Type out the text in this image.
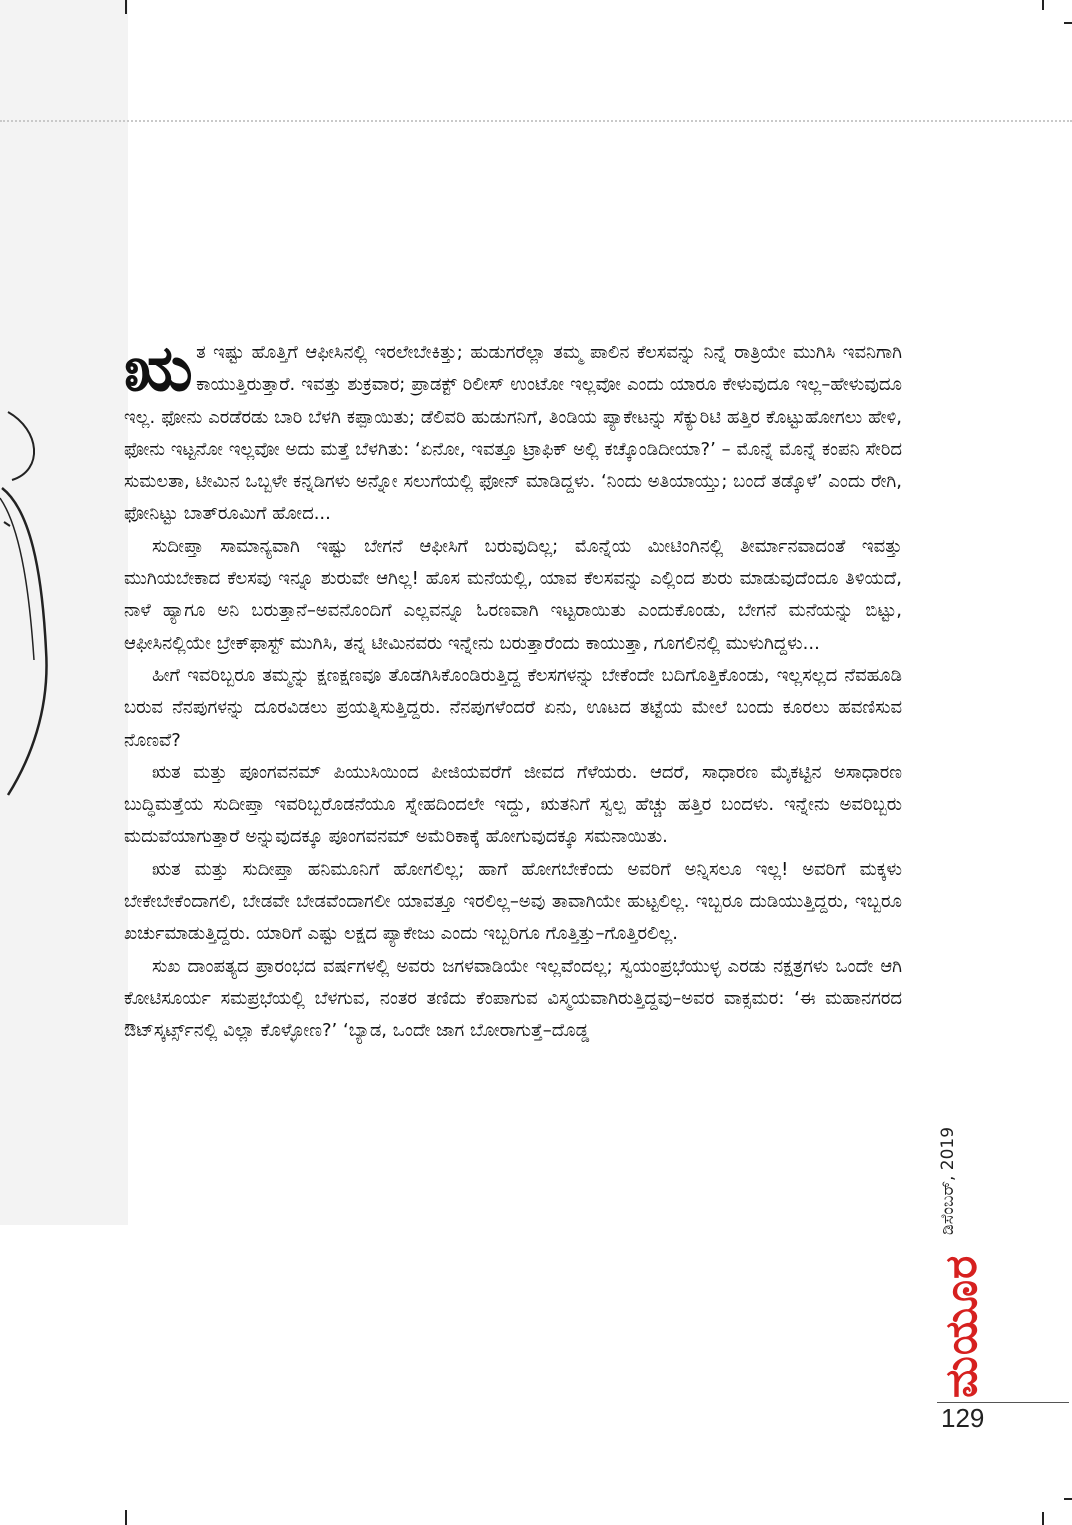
ಋತ ಇಷ್ಟು ಹೊತ್ತಿಗೆ ಆಫೀಸಿನಲ್ಲಿ ಇರಲೇಬೇಕಿತ್ತು; ಹುಡುಗರೆಲ್ಲಾ ತಮ್ಮ ಪಾಲಿನ ಕೆಲಸವನ್ನು ನಿನ್ನೆ ರಾತ್ರಿಯೇ ಮುಗಿಸಿ ಇವನಿಗಾಗಿ ಕಾಯುತ್ತಿರುತ್ತಾರೆ. ಇವತ್ತು ಶುಕ್ರವಾರ; ಪ್ರಾಡಕ್ಟ್ ರಿಲೀಸ್ ಉಂಟೋ ಇಲ್ಲವೋ ಎಂದು ಯಾರೂ ಕೇಳುವುದೂ ಇಲ್ಲ–ಹೇಳುವುದೂ ಇಲ್ಲ. ಫೋನು ಎರಡೆರಡು ಬಾರಿ ಬೆಳಗಿ ಕಪ್ಪಾಯಿತು; ಡೆಲಿವರಿ ಹುಡುಗನಿಗೆ, ತಿಂಡಿಯ ಪ್ಯಾಕೇಟನ್ನು ಸೆಕ್ಯುರಿಟಿ ಹತ್ತಿರ ಕೊಟ್ಟುಹೋಗಲು ಹೇಳಿ, ಫೋನು ಇಟ್ಟನೋ ಇಲ್ಲವೋ ಅದು ಮತ್ತೆ ಬೆಳಗಿತು: ‘ಏನೋ, ಇವತ್ತೂ ಟ್ರಾಫಿಕ್ ಅಲ್ಲಿ ಕಚ್ಕೊಂಡಿದೀಯಾ?’ – ಮೊನ್ನೆ ಮೊನ್ನೆ ಕಂಪನಿ ಸೇರಿದ ಸುಮಲತಾ, ಟೀಮಿನ ಒಬ್ಬಳೇ ಕನ್ನಡಿಗಳು ಅನ್ನೋ ಸಲುಗೆಯಲ್ಲಿ ಫೋನ್ ಮಾಡಿದ್ದಳು. ‘ನಿಂದು ಅತಿಯಾಯ್ತು; ಬಂದೆ ತಡ್ಕೊಳೆ’ ಎಂದು ರೇಗಿ, ಫೋನಿಟ್ಟು ಬಾತ್‌ರೂಮಿಗೆ ಹೋದ...

ಸುದೀಪ್ತಾ ಸಾಮಾನ್ಯವಾಗಿ ಇಷ್ಟು ಬೇಗನೆ ಆಫೀಸಿಗೆ ಬರುವುದಿಲ್ಲ; ಮೊನ್ನೆಯ ಮೀಟಿಂಗಿನಲ್ಲಿ ತೀರ್ಮಾನವಾದಂತೆ ಇವತ್ತು ಮುಗಿಯಬೇಕಾದ ಕೆಲಸವು ಇನ್ನೂ ಶುರುವೇ ಆಗಿಲ್ಲ! ಹೊಸ ಮನೆಯಲ್ಲಿ, ಯಾವ ಕೆಲಸವನ್ನು ಎಲ್ಲಿಂದ ಶುರು ಮಾಡುವುದೆಂದೂ ತಿಳಿಯದೆ, ನಾಳೆ ಹ್ಯಾಗೂ ಅನಿ ಬರುತ್ತಾನೆ–ಅವನೊಂದಿಗೆ ಎಲ್ಲವನ್ನೂ ಓರಣವಾಗಿ ಇಟ್ಟರಾಯಿತು ಎಂದುಕೊಂಡು, ಬೇಗನೆ ಮನೆಯನ್ನು ಬಿಟ್ಟು, ಆಫೀಸಿನಲ್ಲಿಯೇ ಬ್ರೇಕ್‌ಫಾಸ್ಟ್ ಮುಗಿಸಿ, ತನ್ನ ಟೀಮಿನವರು ಇನ್ನೇನು ಬರುತ್ತಾರೆಂದು ಕಾಯುತ್ತಾ, ಗೂಗಲಿನಲ್ಲಿ ಮುಳುಗಿದ್ದಳು...

ಹೀಗೆ ಇವರಿಬ್ಬರೂ ತಮ್ಮನ್ನು ಕ್ಷಣಕ್ಷಣವೂ ತೊಡಗಿಸಿಕೊಂಡಿರುತ್ತಿದ್ದ ಕೆಲಸಗಳನ್ನು ಬೇಕೆಂದೇ ಬದಿಗೊತ್ತಿಕೊಂಡು, ಇಲ್ಲಸಲ್ಲದ ನೆವಹೂಡಿ ಬರುವ ನೆನಪುಗಳನ್ನು ದೂರವಿಡಲು ಪ್ರಯತ್ನಿಸುತ್ತಿದ್ದರು. ನೆನಪುಗಳೆಂದರೆ ಏನು, ಊಟದ ತಟ್ಟೆಯ ಮೇಲೆ ಬಂದು ಕೂರಲು ಹವಣಿಸುವ ನೊಣವೆ?

ಋತ ಮತ್ತು ಪೂಂಗವನಮ್ ಪಿಯುಸಿಯಿಂದ ಪೀಜಿಯವರೆಗೆ ಜೀವದ ಗೆಳೆಯರು. ಆದರೆ, ಸಾಧಾರಣ ಮೈಕಟ್ಟಿನ ಅಸಾಧಾರಣ ಬುದ್ಧಿಮತ್ತೆಯ ಸುದೀಪ್ತಾ ಇವರಿಬ್ಬರೊಡನೆಯೂ ಸ್ನೇಹದಿಂದಲೇ ಇದ್ದು, ಋತನಿಗೆ ಸ್ವಲ್ಪ ಹೆಚ್ಚು ಹತ್ತಿರ ಬಂದಳು. ಇನ್ನೇನು ಅವರಿಬ್ಬರು ಮದುವೆಯಾಗುತ್ತಾರೆ ಅನ್ನುವುದಕ್ಕೂ ಪೂಂಗವನಮ್ ಅಮೆರಿಕಾಕ್ಕೆ ಹೋಗುವುದಕ್ಕೂ ಸಮನಾಯಿತು.

ಋತ ಮತ್ತು ಸುದೀಪ್ತಾ ಹನಿಮೂನಿಗೆ ಹೋಗಲಿಲ್ಲ; ಹಾಗೆ ಹೋಗಬೇಕೆಂದು ಅವರಿಗೆ ಅನ್ನಿಸಲೂ ಇಲ್ಲ! ಅವರಿಗೆ ಮಕ್ಕಳು ಬೇಕೇಬೇಕೆಂದಾಗಲಿ, ಬೇಡವೇ ಬೇಡವೆಂದಾಗಲೀ ಯಾವತ್ತೂ ಇರಲಿಲ್ಲ–ಅವು ತಾವಾಗಿಯೇ ಹುಟ್ಟಲಿಲ್ಲ. ಇಬ್ಬರೂ ದುಡಿಯುತ್ತಿದ್ದರು, ಇಬ್ಬರೂ ಖರ್ಚುಮಾಡುತ್ತಿದ್ದರು. ಯಾರಿಗೆ ಎಷ್ಟು ಲಕ್ಷದ ಪ್ಯಾಕೇಜು ಎಂದು ಇಬ್ಬರಿಗೂ ಗೊತ್ತಿತ್ತು–ಗೊತ್ತಿರಲಿಲ್ಲ.

ಸುಖ ದಾಂಪತ್ಯದ ಪ್ರಾರಂಭದ ವರ್ಷಗಳಲ್ಲಿ ಅವರು ಜಗಳವಾಡಿಯೇ ಇಲ್ಲವೆಂದಲ್ಲ; ಸ್ವಯಂಪ್ರಭೆಯುಳ್ಳ ಎರಡು ನಕ್ಷತ್ರಗಳು ಒಂದೇ ಆಗಿ ಕೋಟಿಸೂರ್ಯ ಸಮಪ್ರಭೆಯಲ್ಲಿ ಬೆಳಗುವ, ನಂತರ ತಣಿದು ಕೆಂಪಾಗುವ ವಿಸ್ಮಯವಾಗಿರುತ್ತಿದ್ದವು–ಅವರ ವಾಕ್ಸಮರ: ‘ಈ ಮಹಾನಗರದ ಔಟ್‌ಸ್ಕರ್ಟ್ಸ್‌ನಲ್ಲಿ ವಿಲ್ಲಾ ಕೊಳ್ಳೋಣ?’ ‘ಬ್ಯಾಡ, ಒಂದೇ ಜಾಗ ಬೋರಾಗುತ್ತೆ–ದೊಡ್ಡ

ಡಿಸೆಂಬರ್, 2019
ಮಯೂರ
129
